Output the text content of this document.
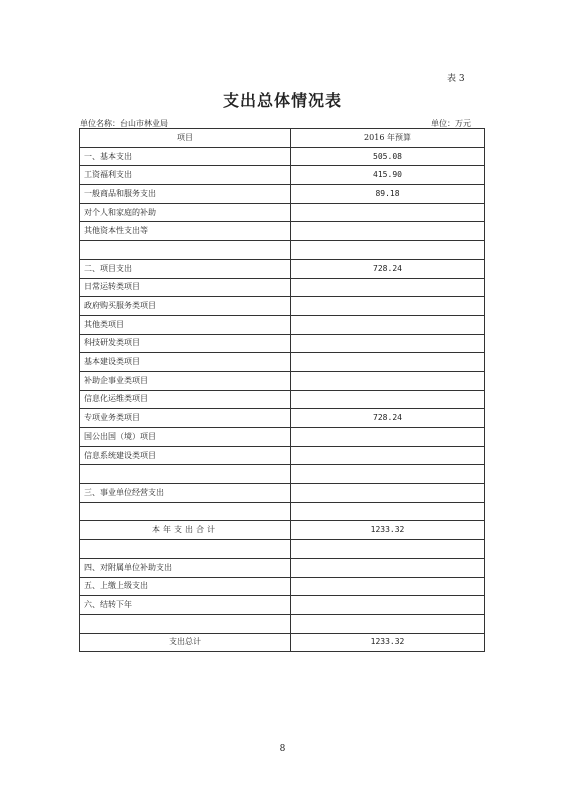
表 3
支出总体情况表
单位名称：台山市林业局	单位：万元
项目	2016 年预算
一、基本支出	505.08
工资福利支出	415.90
一般商品和服务支出	89.18
对个人和家庭的补助	
其他资本性支出等	

二、项目支出	728.24
日常运转类项目	
政府购买服务类项目	
其他类项目	
科技研发类项目	
基本建设类项目	
补助企事业类项目	
信息化运维类项目	
专项业务类项目	728.24
国公出国（境）项目	
信息系统建设类项目	

三、事业单位经营支出	

本年支出合计	1233.32

四、对附属单位补助支出	
五、上缴上级支出	
六、结转下年	

支出总计	1233.32
8
